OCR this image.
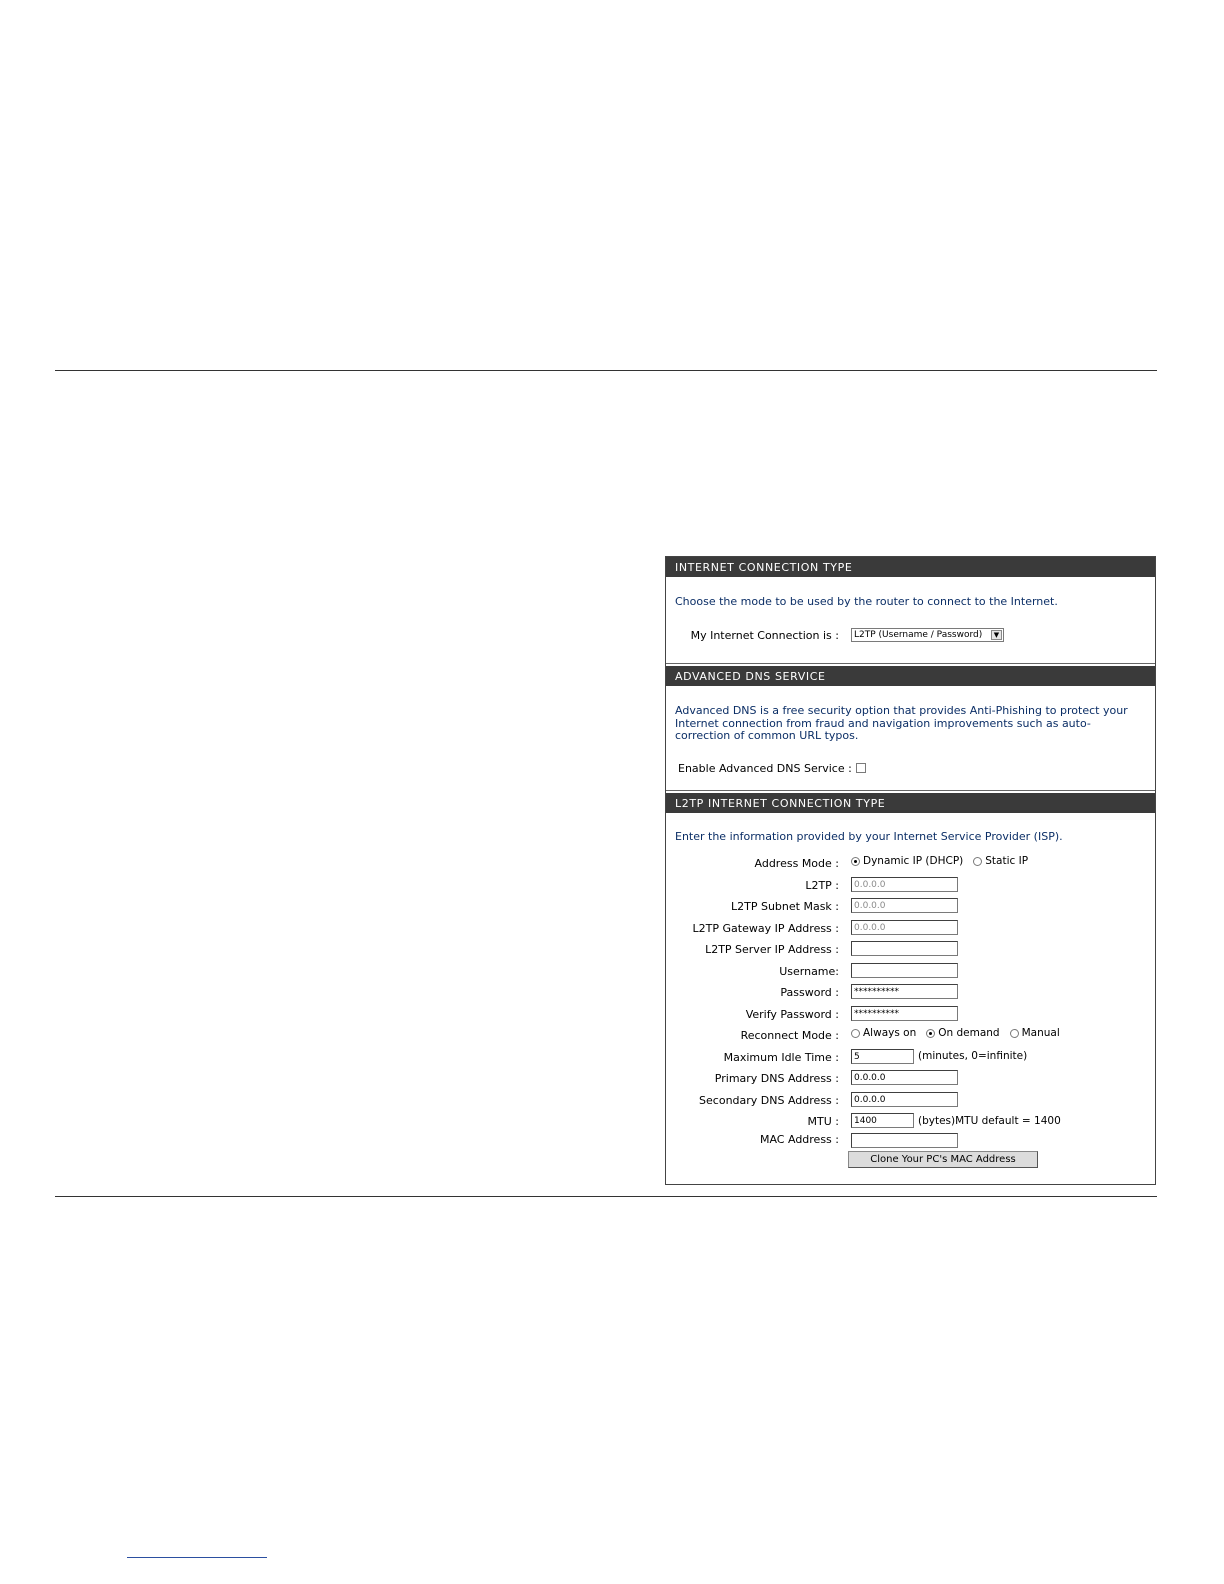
INTERNET CONNECTION TYPE
Choose the mode to be used by the router to connect to the Internet.
My Internet Connection is : L2TP (Username / Password)	▼
ADVANCED DNS SERVICE
Advanced DNS is a free security option that provides Anti-Phishing to protect your Internet connection from fraud and navigation improvements such as auto-correction of common URL typos.
Enable Advanced DNS Service :
L2TP INTERNET CONNECTION TYPE
Enter the information provided by your Internet Service Provider (ISP).
Address Mode : Dynamic IP (DHCP) Static IP
L2TP :	0.0.0.0
L2TP Subnet Mask :	0.0.0.0
L2TP Gateway IP Address :	0.0.0.0
L2TP Server IP Address :
Username:
Password :	**********
Verify Password :	**********
Reconnect Mode : Always on On demand Manual
Maximum Idle Time :	5	(minutes, 0=infinite)
Primary DNS Address :	0.0.0.0
Secondary DNS Address :	0.0.0.0
MTU :	1400	(bytes)MTU default = 1400
MAC Address :
Clone Your PC's MAC Address
